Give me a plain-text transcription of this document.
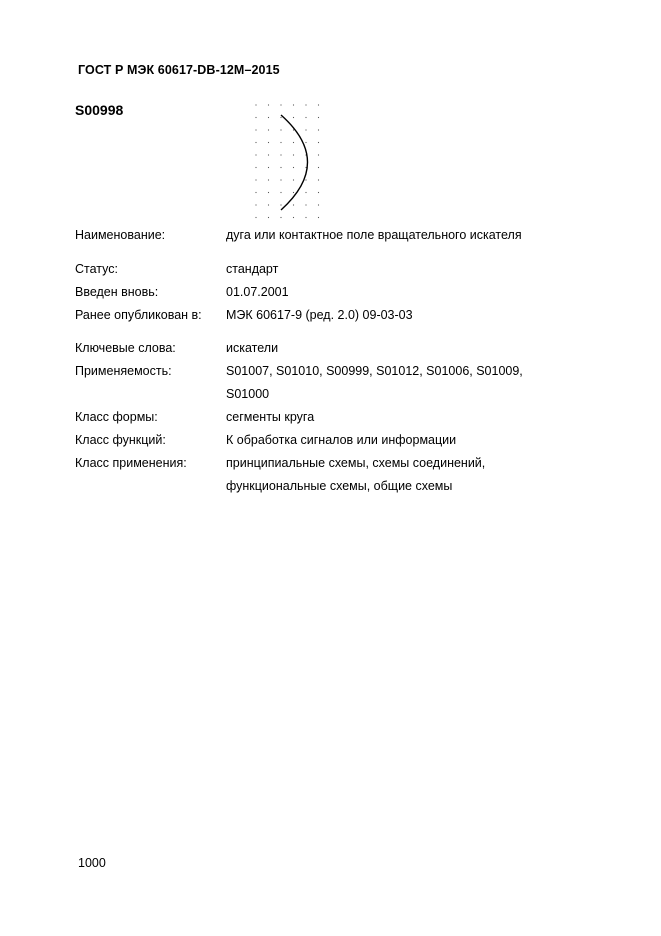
ГОСТ Р МЭК 60617-DB-12M–2015
S00998
Наименование:	дуга или контактное поле вращательного искателя
Статус:	стандарт
Введен вновь:	01.07.2001
Ранее опубликован в: МЭК 60617-9 (ред. 2.0) 09-03-03
Ключевые слова:	искатели
Применяемость:	S01007, S01010, S00999, S01012, S01006, S01009, S01000
Класс формы:	сегменты круга
Класс функций:	К обработка сигналов или информации
Класс применения:	принципиальные схемы, схемы соединений, функциональные схемы, общие схемы
1000
